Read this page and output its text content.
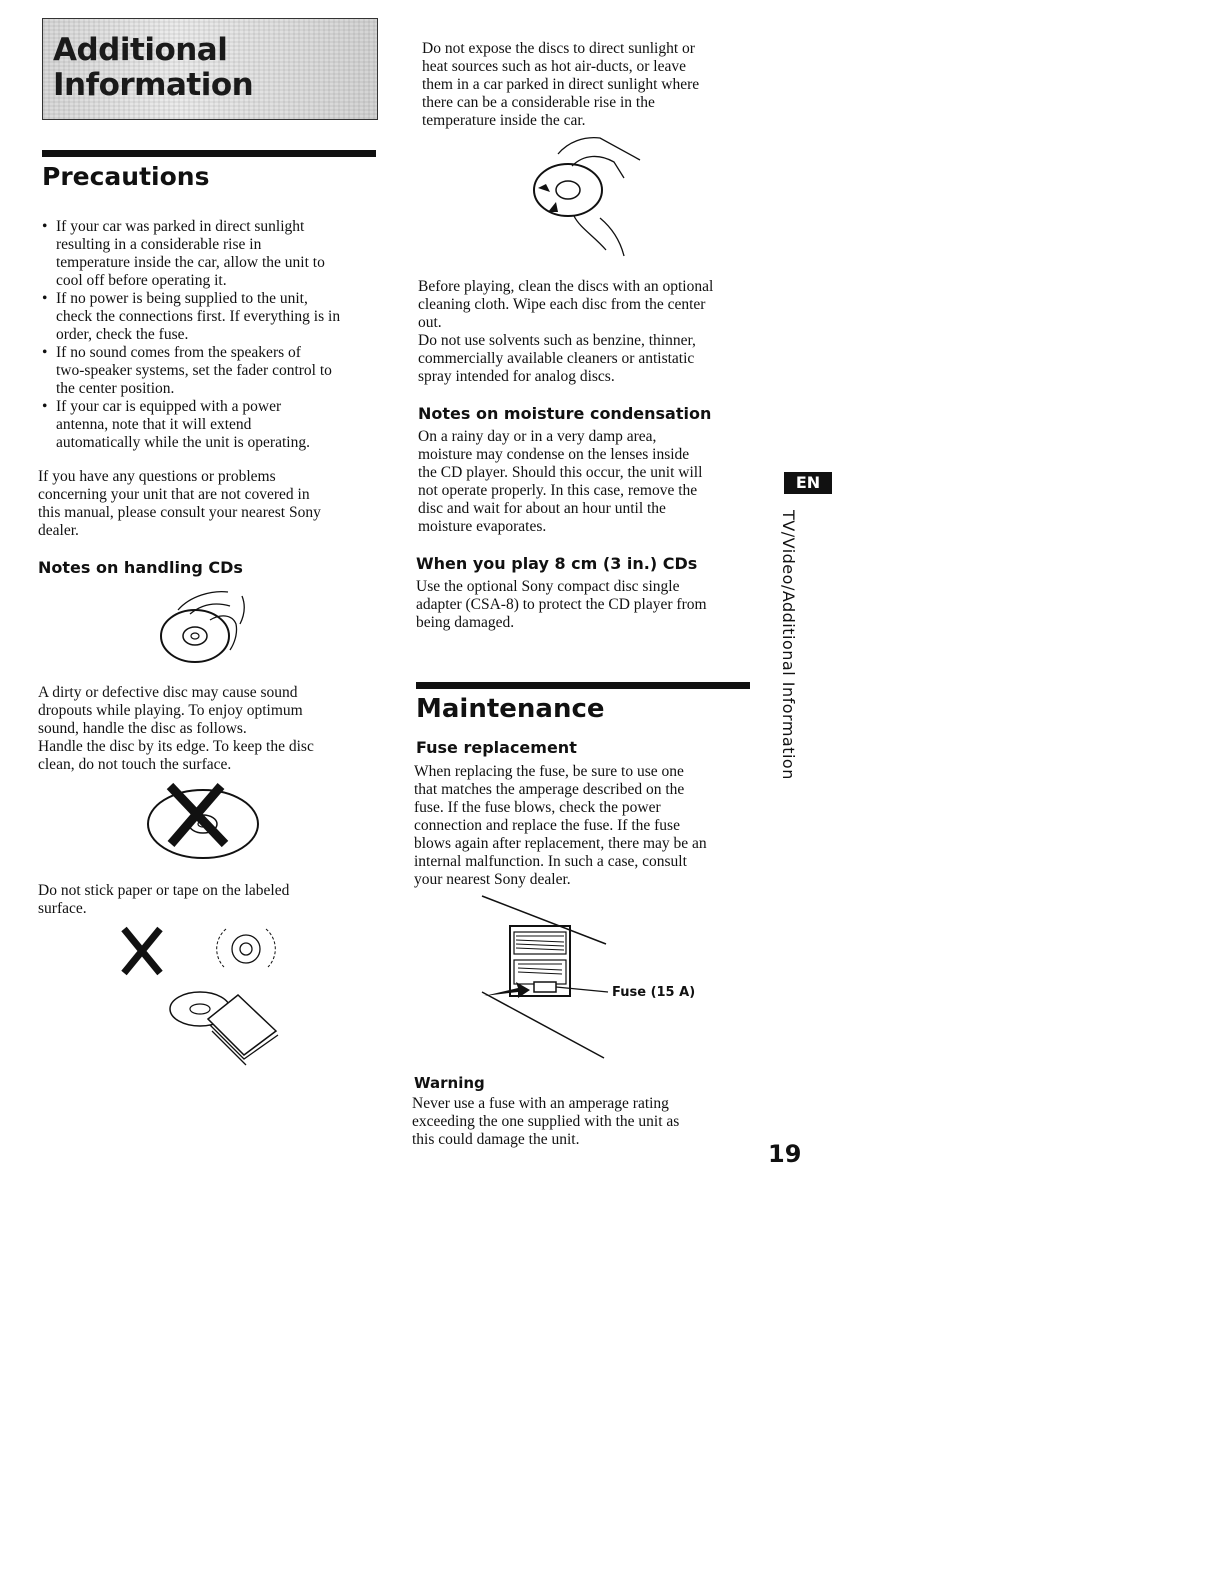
Additional
Information
Precautions
• If your car was parked in direct sunlight
resulting in a considerable rise in
temperature inside the car, allow the unit to
cool off before operating it.
• If no power is being supplied to the unit,
check the connections first. If everything is in
order, check the fuse.
• If no sound comes from the speakers of
two-speaker systems, set the fader control to
the center position.
• If your car is equipped with a power
antenna, note that it will extend
automatically while the unit is operating.

If you have any questions or problems
concerning your unit that are not covered in
this manual, please consult your nearest Sony
dealer.

Notes on handling CDs

A dirty or defective disc may cause sound
dropouts while playing. To enjoy optimum
sound, handle the disc as follows.
Handle the disc by its edge. To keep the disc
clean, do not touch the surface.

Do not stick paper or tape on the labeled
surface.

Do not expose the discs to direct sunlight or
heat sources such as hot air-ducts, or leave
them in a car parked in direct sunlight where
there can be a considerable rise in the
temperature inside the car.

Before playing, clean the discs with an optional
cleaning cloth. Wipe each disc from the center
out.
Do not use solvents such as benzine, thinner,
commercially available cleaners or antistatic
spray intended for analog discs.

Notes on moisture condensation

On a rainy day or in a very damp area,
moisture may condense on the lenses inside
the CD player. Should this occur, the unit will
not operate properly. In this case, remove the
disc and wait for about an hour until the
moisture evaporates.

When you play 8 cm (3 in.) CDs

Use the optional Sony compact disc single
adapter (CSA-8) to protect the CD player from
being damaged.

Maintenance
Fuse replacement

When replacing the fuse, be sure to use one
that matches the amperage described on the
fuse. If the fuse blows, check the power
connection and replace the fuse. If the fuse
blows again after replacement, there may be an
internal malfunction. In such a case, consult
your nearest Sony dealer.

Fuse (15 A)
Warning

Never use a fuse with an amperage rating
exceeding the one supplied with the unit as
this could damage the unit.

EN
TV/Video/Additional Information
19
